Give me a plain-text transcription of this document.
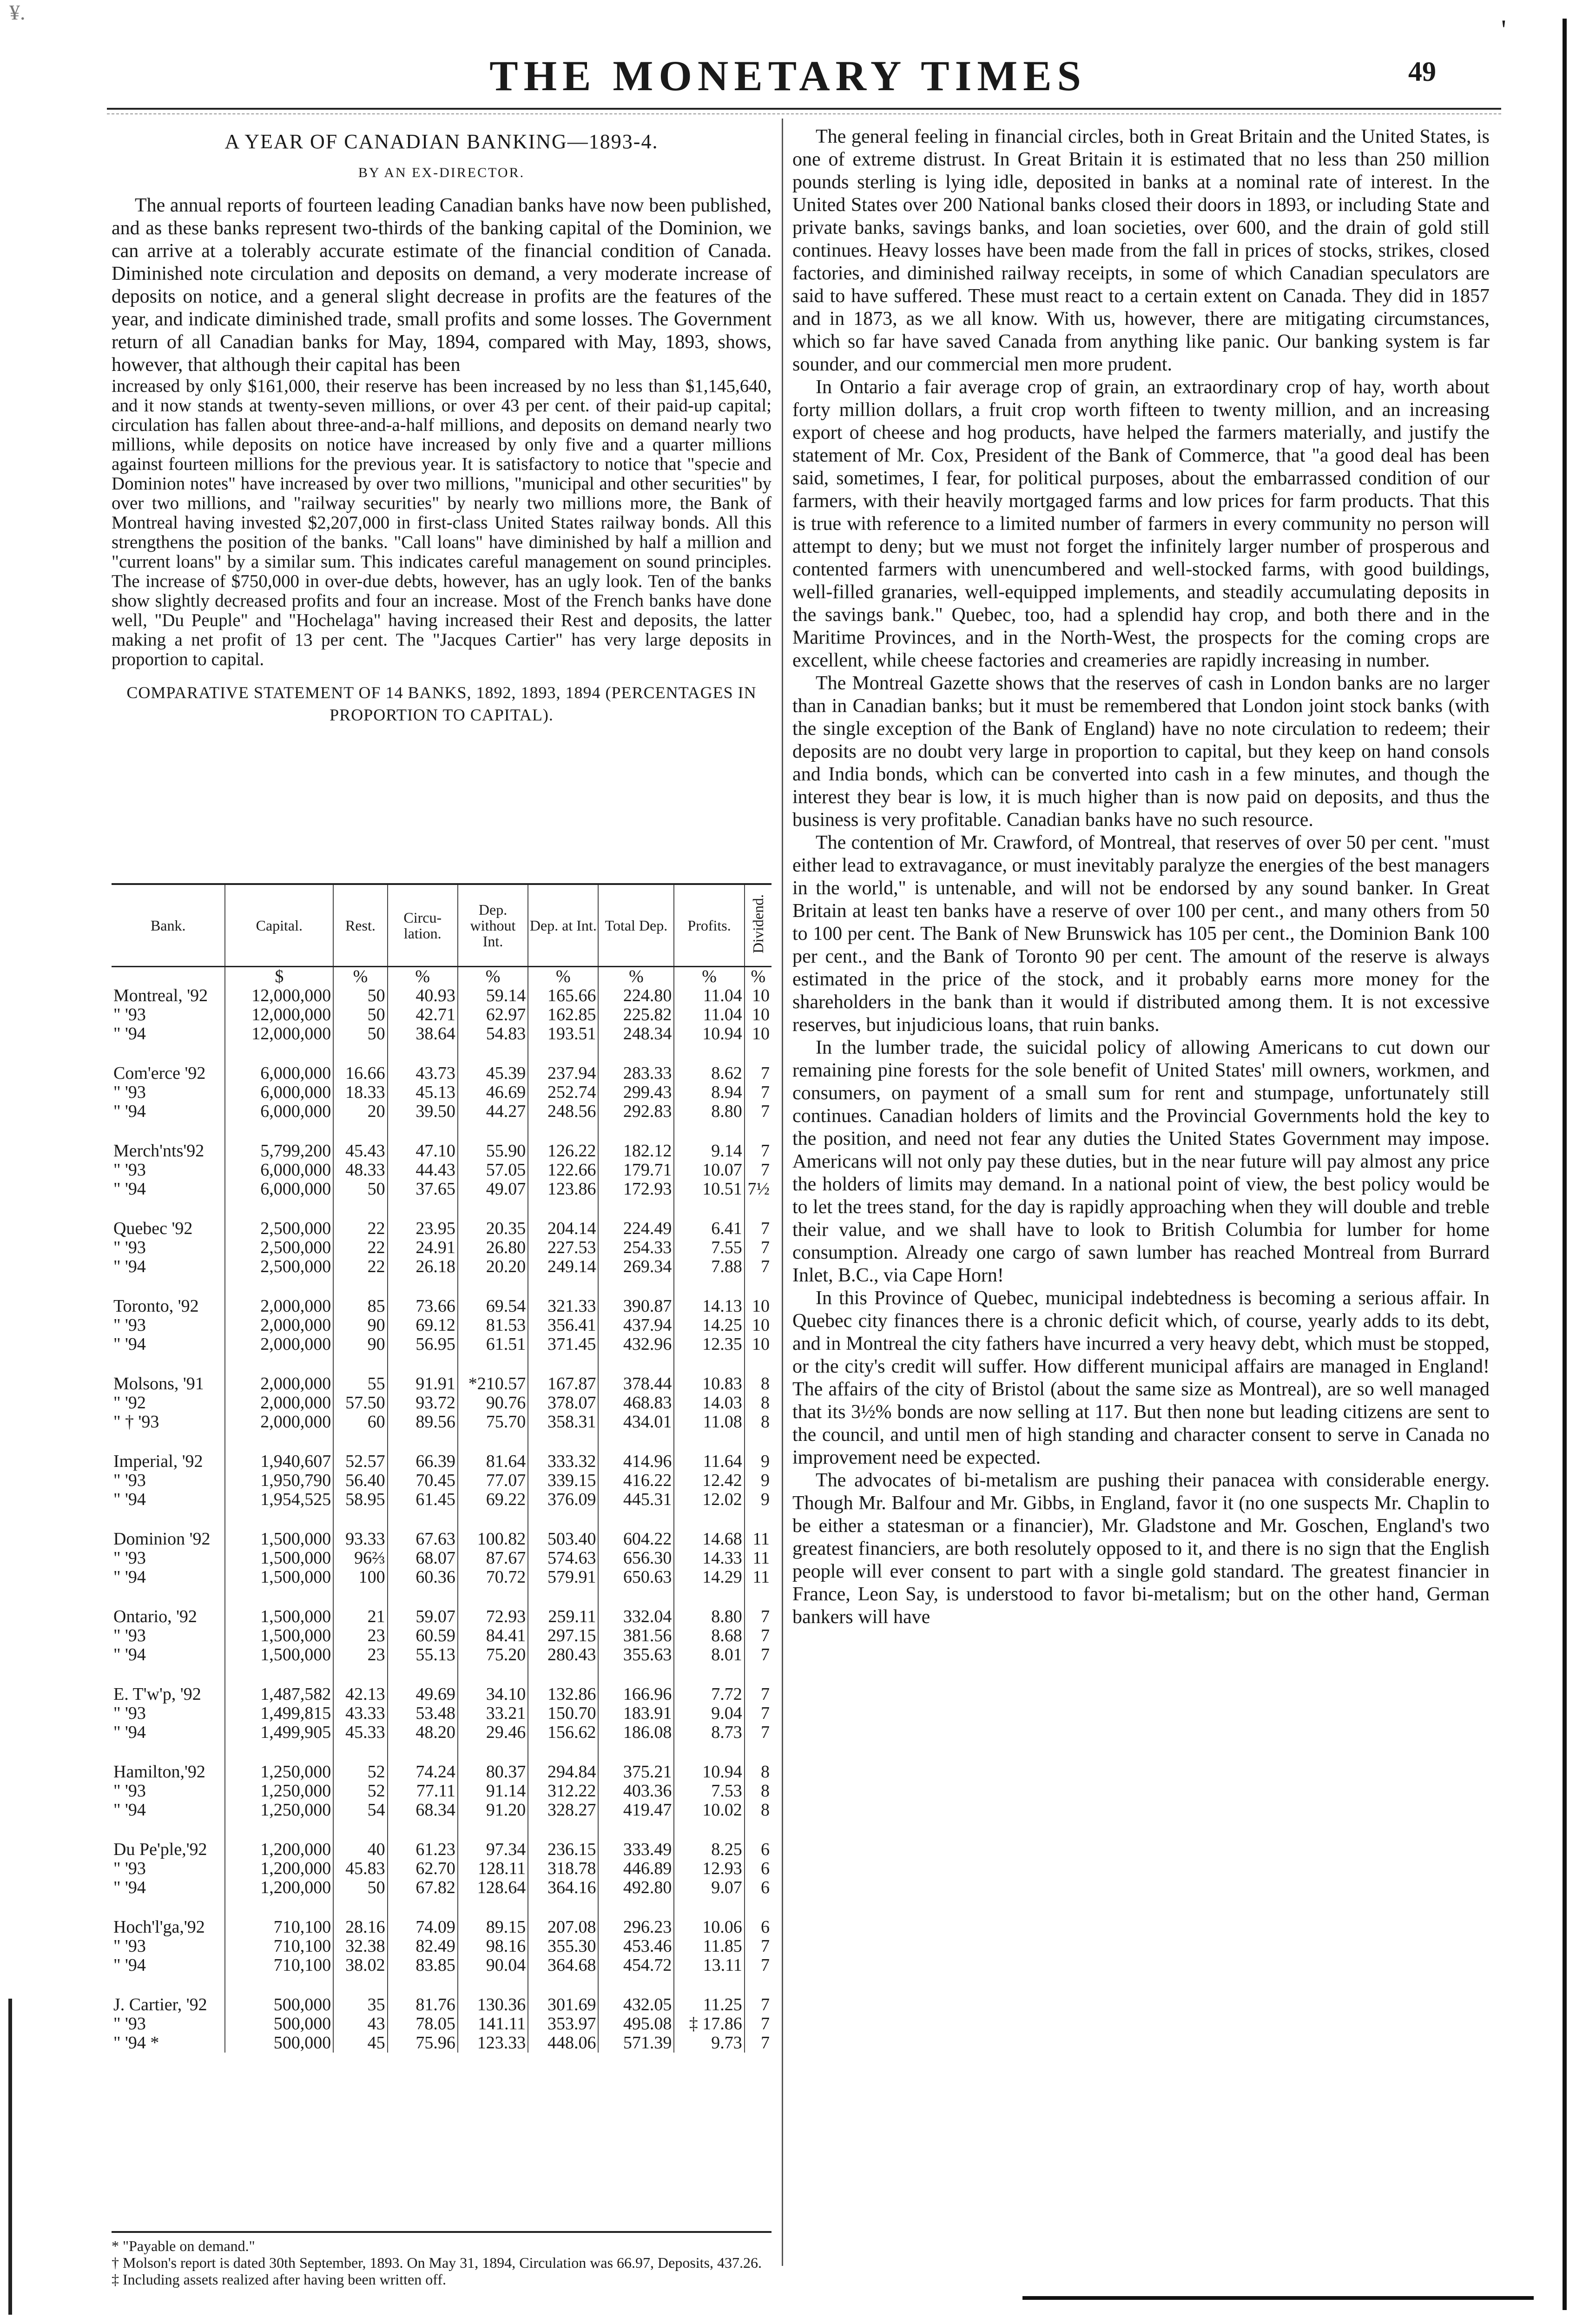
¥.
'
THE MONETARY TIMES	49
A YEAR OF CANADIAN BANKING—1893-4.
BY AN EX-DIRECTOR.

The annual reports of fourteen leading Canadian banks have now been published, and as these banks represent two-thirds of the banking capital of the Dominion, we can arrive at a tolerably accurate estimate of the financial condition of Canada. Diminished note circulation and deposits on demand, a very moderate increase of deposits on notice, and a general slight decrease in profits are the features of the year, and indicate diminished trade, small profits and some losses. The Government return of all Canadian banks for May, 1894, compared with May, 1893, shows, however, that although their capital has been

increased by only $161,000, their reserve has been increased by no less than $1,145,640, and it now stands at twenty-seven millions, or over 43 per cent. of their paid-up capital; circulation has fallen about three-and-a-half millions, and deposits on demand nearly two millions, while deposits on notice have increased by only five and a quarter millions against fourteen millions for the previous year. It is satisfactory to notice that "specie and Dominion notes" have increased by over two millions, "municipal and other securities" by over two millions, and "railway securities" by nearly two millions more, the Bank of Montreal having invested $2,207,000 in first-class United States railway bonds. All this strengthens the position of the banks. "Call loans" have diminished by half a million and "current loans" by a similar sum. This indicates careful management on sound principles. The increase of $750,000 in over-due debts, however, has an ugly look. Ten of the banks show slightly decreased profits and four an increase. Most of the French banks have done well, "Du Peuple" and "Hochelaga" having increased their Rest and deposits, the latter making a net profit of 13 per cent. The "Jacques Cartier" has very large deposits in proportion to capital.

COMPARATIVE STATEMENT OF 14 BANKS, 1892, 1893, 1894 (PERCENTAGES IN PROPORTION TO CAPITAL).
Bank.	Capital.	Rest.	Circu-lation.	Dep. without Int.	Dep. at Int.	Total Dep.	Profits.	Dividend.
	$	%	%	%	%	%	%	%
Montreal, '92	12,000,000	50	40.93	59.14	165.66	224.80	11.04	10
" '93	12,000,000	50	42.71	62.97	162.85	225.82	11.04	10
" '94	12,000,000	50	38.64	54.83	193.51	248.34	10.94	10

Com'erce '92	6,000,000	16.66	43.73	45.39	237.94	283.33	8.62	7
" '93	6,000,000	18.33	45.13	46.69	252.74	299.43	8.94	7
" '94	6,000,000	20	39.50	44.27	248.56	292.83	8.80	7

Merch'nts'92	5,799,200	45.43	47.10	55.90	126.22	182.12	9.14	7
" '93	6,000,000	48.33	44.43	57.05	122.66	179.71	10.07	7
" '94	6,000,000	50	37.65	49.07	123.86	172.93	10.51	7½

Quebec '92	2,500,000	22	23.95	20.35	204.14	224.49	6.41	7
" '93	2,500,000	22	24.91	26.80	227.53	254.33	7.55	7
" '94	2,500,000	22	26.18	20.20	249.14	269.34	7.88	7

Toronto, '92	2,000,000	85	73.66	69.54	321.33	390.87	14.13	10
" '93	2,000,000	90	69.12	81.53	356.41	437.94	14.25	10
" '94	2,000,000	90	56.95	61.51	371.45	432.96	12.35	10

Molsons, '91	2,000,000	55	91.91	*210.57	167.87	378.44	10.83	8
" '92	2,000,000	57.50	93.72	90.76	378.07	468.83	14.03	8
" † '93	2,000,000	60	89.56	75.70	358.31	434.01	11.08	8

Imperial, '92	1,940,607	52.57	66.39	81.64	333.32	414.96	11.64	9
" '93	1,950,790	56.40	70.45	77.07	339.15	416.22	12.42	9
" '94	1,954,525	58.95	61.45	69.22	376.09	445.31	12.02	9

Dominion '92	1,500,000	93.33	67.63	100.82	503.40	604.22	14.68	11
" '93	1,500,000	96⅔	68.07	87.67	574.63	656.30	14.33	11
" '94	1,500,000	100	60.36	70.72	579.91	650.63	14.29	11

Ontario, '92	1,500,000	21	59.07	72.93	259.11	332.04	8.80	7
" '93	1,500,000	23	60.59	84.41	297.15	381.56	8.68	7
" '94	1,500,000	23	55.13	75.20	280.43	355.63	8.01	7

E. T'w'p, '92	1,487,582	42.13	49.69	34.10	132.86	166.96	7.72	7
" '93	1,499,815	43.33	53.48	33.21	150.70	183.91	9.04	7
" '94	1,499,905	45.33	48.20	29.46	156.62	186.08	8.73	7

Hamilton,'92	1,250,000	52	74.24	80.37	294.84	375.21	10.94	8
" '93	1,250,000	52	77.11	91.14	312.22	403.36	7.53	8
" '94	1,250,000	54	68.34	91.20	328.27	419.47	10.02	8

Du Pe'ple,'92	1,200,000	40	61.23	97.34	236.15	333.49	8.25	6
" '93	1,200,000	45.83	62.70	128.11	318.78	446.89	12.93	6
" '94	1,200,000	50	67.82	128.64	364.16	492.80	9.07	6

Hoch'l'ga,'92	710,100	28.16	74.09	89.15	207.08	296.23	10.06	6
" '93	710,100	32.38	82.49	98.16	355.30	453.46	11.85	7
" '94	710,100	38.02	83.85	90.04	364.68	454.72	13.11	7

J. Cartier, '92	500,000	35	81.76	130.36	301.69	432.05	11.25	7
" '93	500,000	43	78.05	141.11	353.97	495.08	‡ 17.86	7
" '94 *	500,000	45	75.96	123.33	448.06	571.39	9.73	7
* "Payable on demand."
† Molson's report is dated 30th September, 1893. On May 31, 1894, Circulation was 66.97, Deposits, 437.26.
‡ Including assets realized after having been written off.

The general feeling in financial circles, both in Great Britain and the United States, is one of extreme distrust. In Great Britain it is estimated that no less than 250 million pounds sterling is lying idle, deposited in banks at a nominal rate of interest. In the United States over 200 National banks closed their doors in 1893, or including State and private banks, savings banks, and loan societies, over 600, and the drain of gold still continues. Heavy losses have been made from the fall in prices of stocks, strikes, closed factories, and diminished railway receipts, in some of which Canadian speculators are said to have suffered. These must react to a certain extent on Canada. They did in 1857 and in 1873, as we all know. With us, however, there are mitigating circumstances, which so far have saved Canada from anything like panic. Our banking system is far sounder, and our commercial men more prudent.

In Ontario a fair average crop of grain, an extraordinary crop of hay, worth about forty million dollars, a fruit crop worth fifteen to twenty million, and an increasing export of cheese and hog products, have helped the farmers materially, and justify the statement of Mr. Cox, President of the Bank of Commerce, that "a good deal has been said, sometimes, I fear, for political purposes, about the embarrassed condition of our farmers, with their heavily mortgaged farms and low prices for farm products. That this is true with reference to a limited number of farmers in every community no person will attempt to deny; but we must not forget the infinitely larger number of prosperous and contented farmers with unencumbered and well-stocked farms, with good buildings, well-filled granaries, well-equipped implements, and steadily accumulating deposits in the savings bank." Quebec, too, had a splendid hay crop, and both there and in the Maritime Provinces, and in the North-West, the prospects for the coming crops are excellent, while cheese factories and creameries are rapidly increasing in number.

The Montreal Gazette shows that the reserves of cash in London banks are no larger than in Canadian banks; but it must be remembered that London joint stock banks (with the single exception of the Bank of England) have no note circulation to redeem; their deposits are no doubt very large in proportion to capital, but they keep on hand consols and India bonds, which can be converted into cash in a few minutes, and though the interest they bear is low, it is much higher than is now paid on deposits, and thus the business is very profitable. Canadian banks have no such resource.

The contention of Mr. Crawford, of Montreal, that reserves of over 50 per cent. "must either lead to extravagance, or must inevitably paralyze the energies of the best managers in the world," is untenable, and will not be endorsed by any sound banker. In Great Britain at least ten banks have a reserve of over 100 per cent., and many others from 50 to 100 per cent. The Bank of New Brunswick has 105 per cent., the Dominion Bank 100 per cent., and the Bank of Toronto 90 per cent. The amount of the reserve is always estimated in the price of the stock, and it probably earns more money for the shareholders in the bank than it would if distributed among them. It is not excessive reserves, but injudicious loans, that ruin banks.

In the lumber trade, the suicidal policy of allowing Americans to cut down our remaining pine forests for the sole benefit of United States' mill owners, workmen, and consumers, on payment of a small sum for rent and stumpage, unfortunately still continues. Canadian holders of limits and the Provincial Governments hold the key to the position, and need not fear any duties the United States Government may impose. Americans will not only pay these duties, but in the near future will pay almost any price the holders of limits may demand. In a national point of view, the best policy would be to let the trees stand, for the day is rapidly approaching when they will double and treble their value, and we shall have to look to British Columbia for lumber for home consumption. Already one cargo of sawn lumber has reached Montreal from Burrard Inlet, B.C., via Cape Horn!

In this Province of Quebec, municipal indebtedness is becoming a serious affair. In Quebec city finances there is a chronic deficit which, of course, yearly adds to its debt, and in Montreal the city fathers have incurred a very heavy debt, which must be stopped, or the city's credit will suffer. How different municipal affairs are managed in England! The affairs of the city of Bristol (about the same size as Montreal), are so well managed that its 3½% bonds are now selling at 117. But then none but leading citizens are sent to the council, and until men of high standing and character consent to serve in Canada no improvement need be expected.

The advocates of bi-metalism are pushing their panacea with considerable energy. Though Mr. Balfour and Mr. Gibbs, in England, favor it (no one suspects Mr. Chaplin to be either a statesman or a financier), Mr. Gladstone and Mr. Goschen, England's two greatest financiers, are both resolutely opposed to it, and there is no sign that the English people will ever consent to part with a single gold standard. The greatest financier in France, Leon Say, is understood to favor bi-metalism; but on the other hand, German bankers will have
